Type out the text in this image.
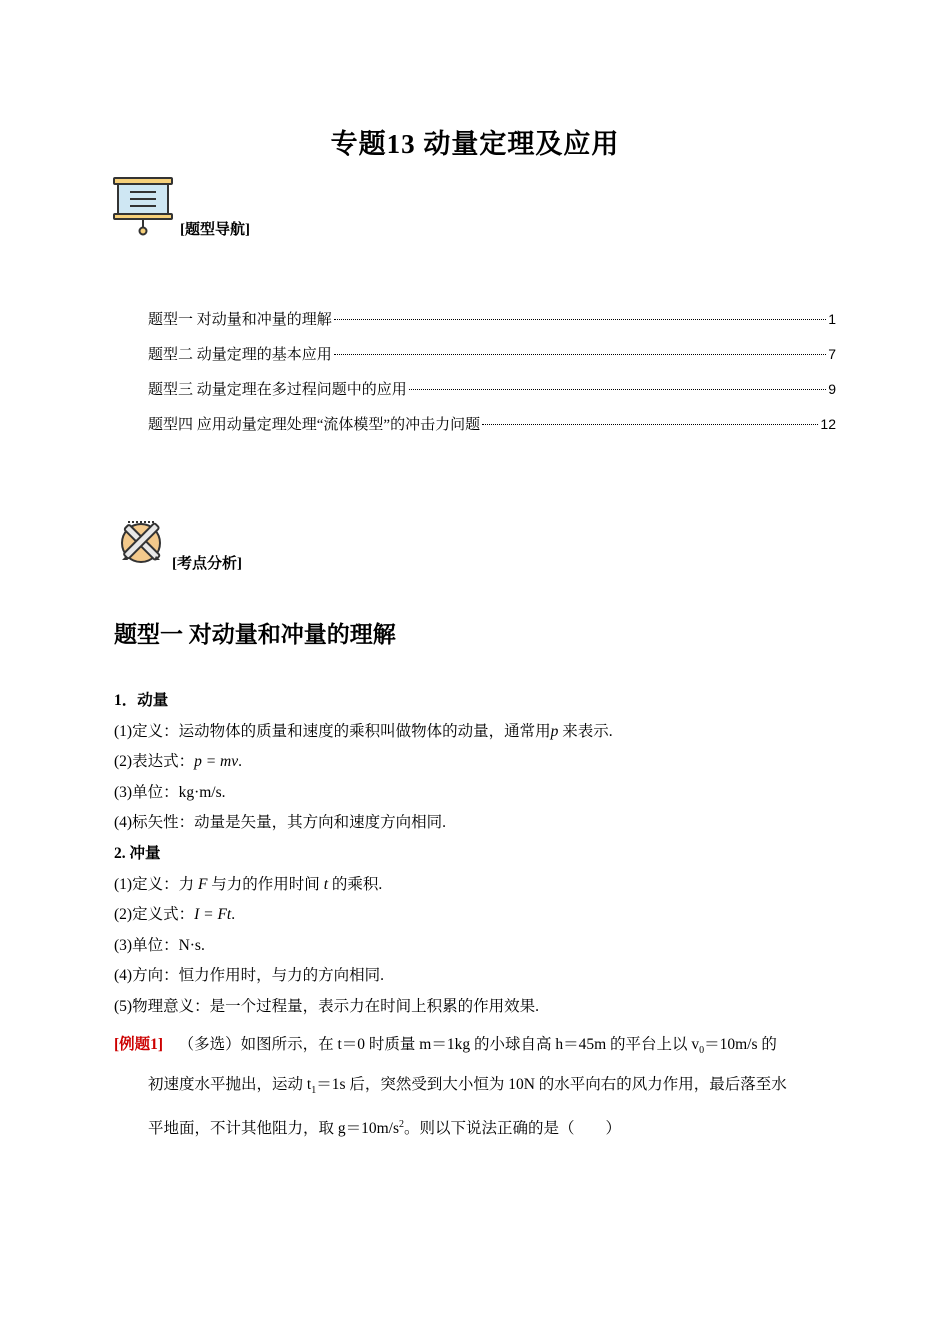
专题13 动量定理及应用
[题型导航]
题型一 对动量和冲量的理解	1
题型二 动量定理的基本应用	7
题型三 动量定理在多过程问题中的应用	9
题型四 应用动量定理处理“流体模型”的冲击力问题	12
[考点分析]
题型一 对动量和冲量的理解
1．动量
(1)定义：运动物体的质量和速度的乘积叫做物体的动量，通常用p 来表示.
(2)表达式：p = mv.
(3)单位：kg·m/s.
(4)标矢性：动量是矢量，其方向和速度方向相同.
2. 冲量
(1)定义：力 F 与力的作用时间 t 的乘积.
(2)定义式：I = Ft.
(3)单位：N·s.
(4)方向：恒力作用时，与力的方向相同.
(5)物理意义：是一个过程量，表示力在时间上积累的作用效果.
[例题1] （多选）如图所示，在 t＝0 时质量 m＝1kg 的小球自高 h＝45m 的平台上以 $v_0=10m/s$ 的
初速度水平抛出，运动 $t_1=1s$ 后，突然受到大小恒为 10N 的水平向右的风力作用，最后落至水
平地面，不计其他阻力，取 $g=10m/s^2$。则以下说法正确的是（　　）
